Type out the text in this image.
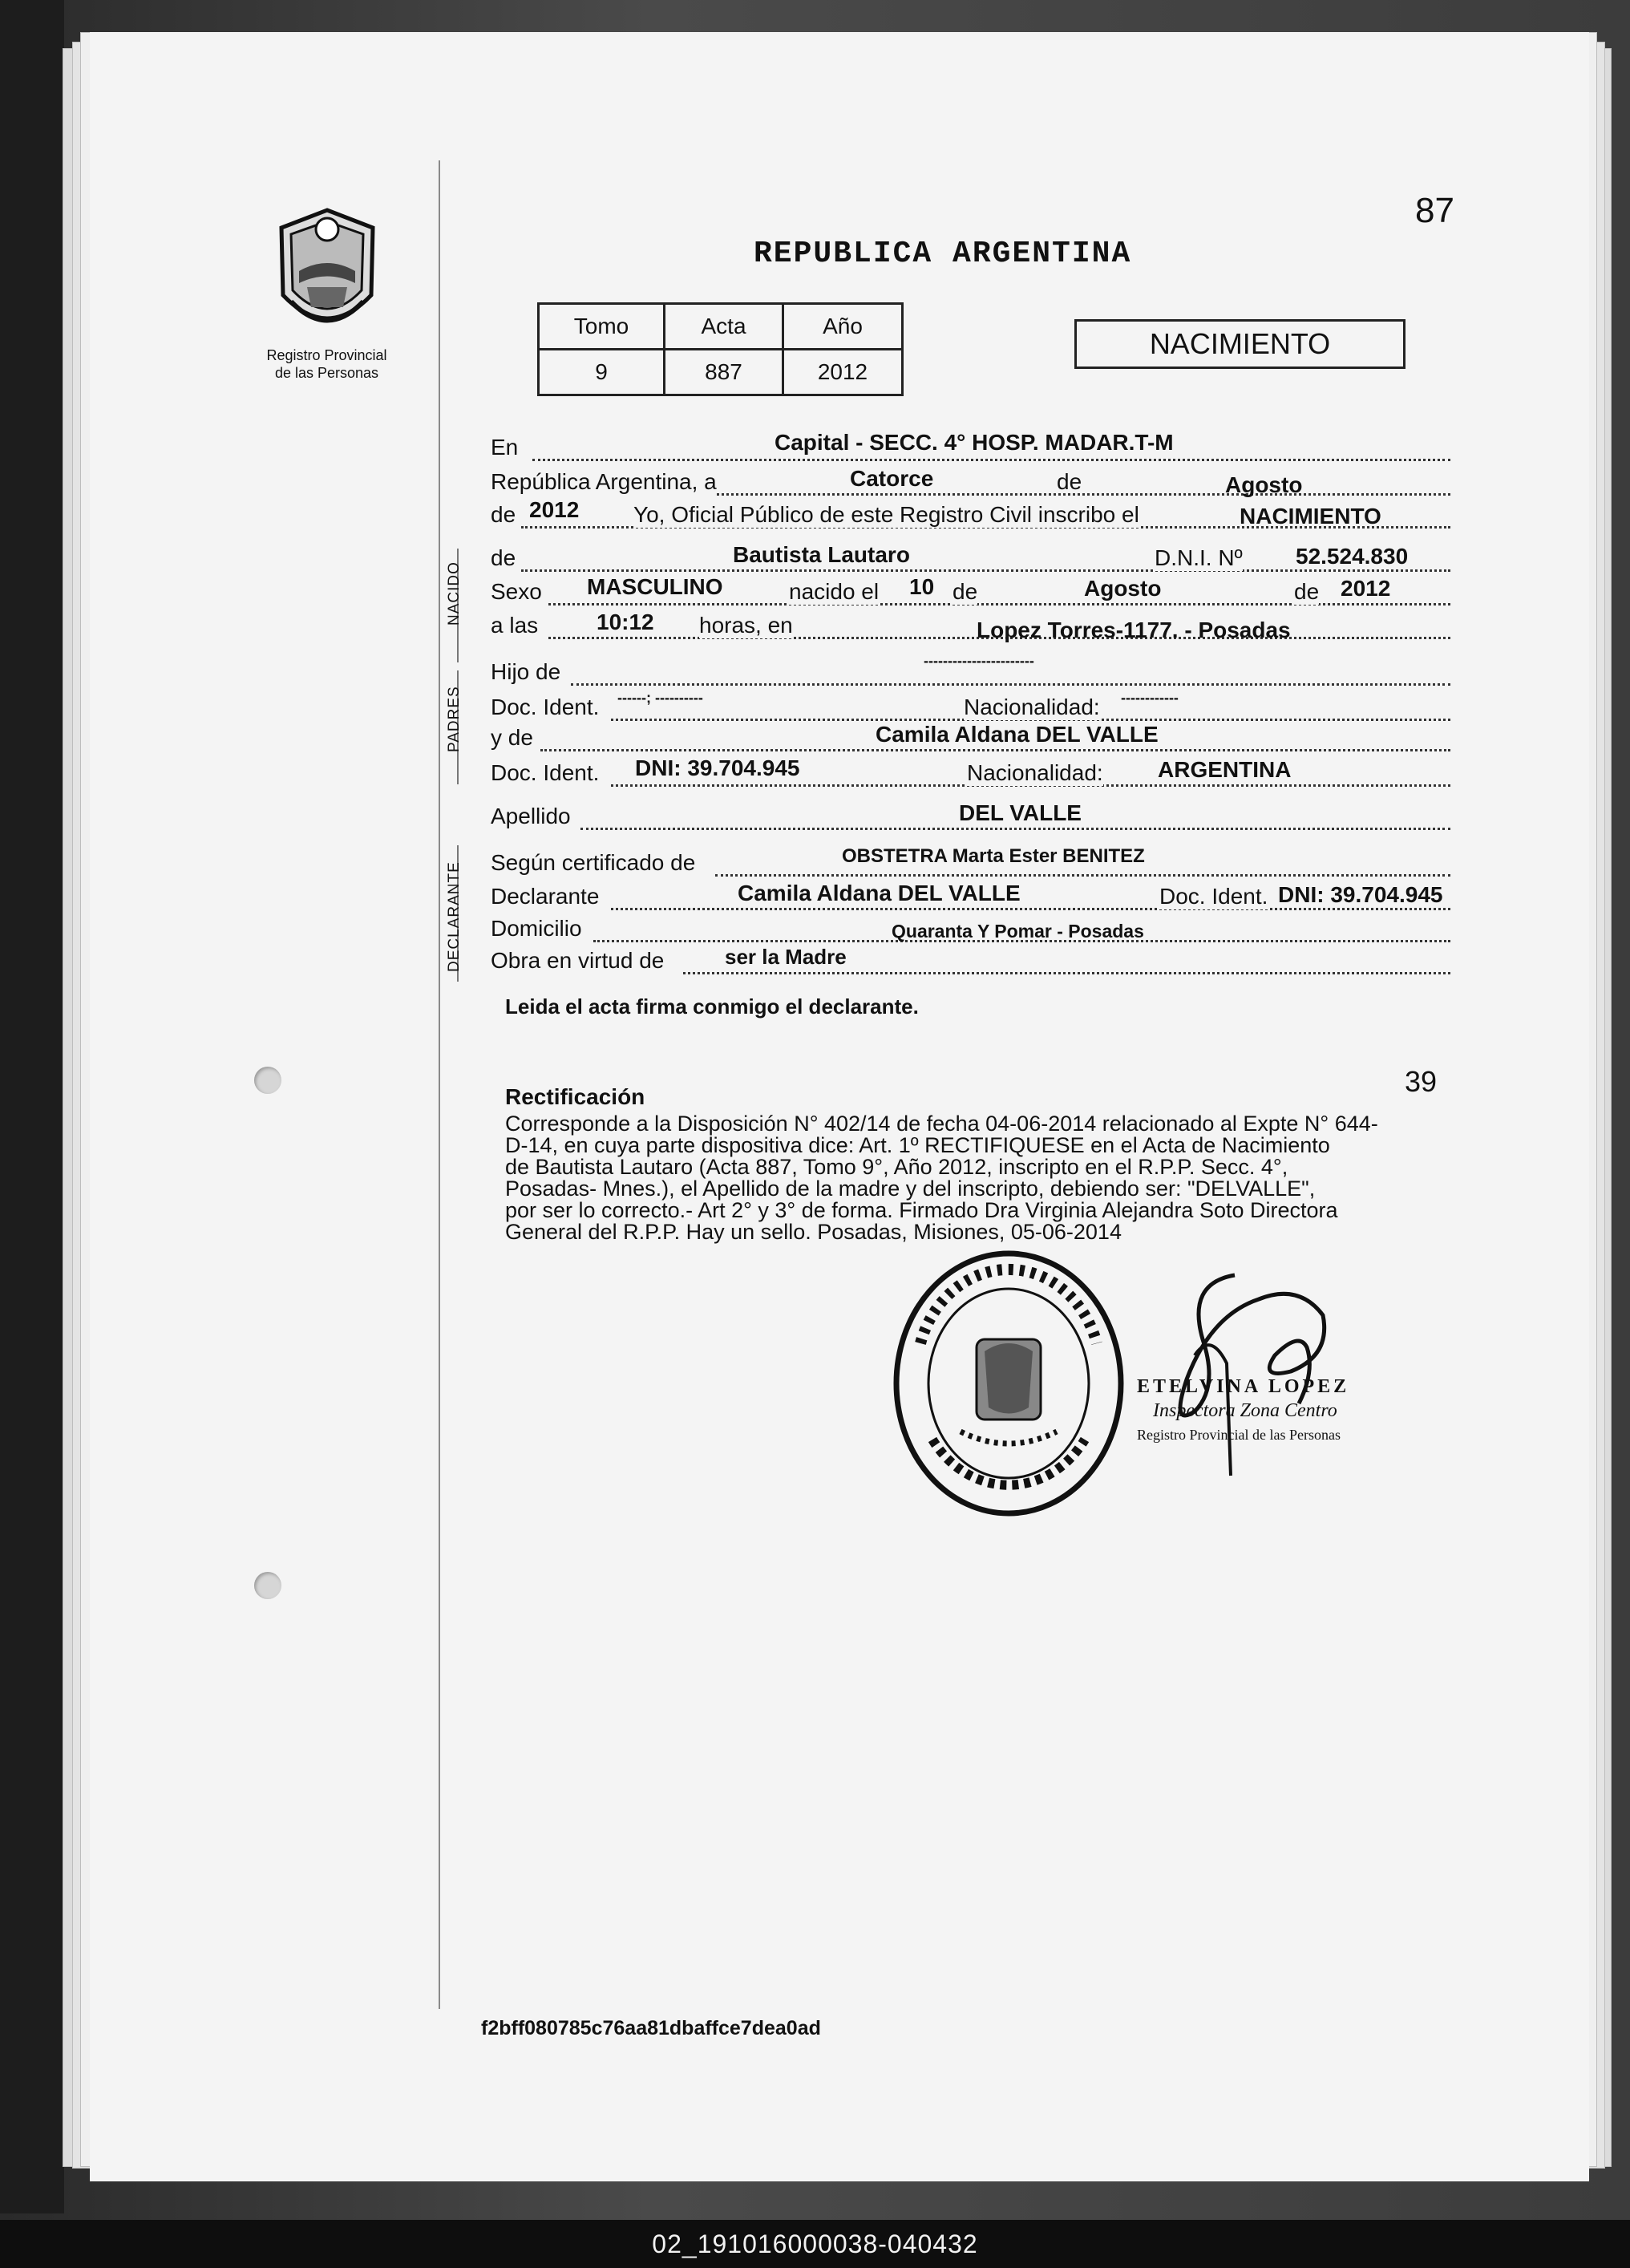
Registro Provincial
de las Personas
87
REPUBLICA ARGENTINA
Tomo	Acta	Año
9	887	2012
NACIMIENTO
NACIDO
PADRES
DECLARANTE
En	Capital - SECC. 4° HOSP. MADAR.T-M
República Argentina, a	Catorce	de	Agosto
de 2012 Yo, Oficial Público de este Registro Civil inscribo el	NACIMIENTO
de	Bautista Lautaro	D.N.I. Nº 52.524.830
Sexo MASCULINO	nacido el 10 de	Agosto	de 2012
a las	10:12 horas, en	Lopez Torres-1177. - Posadas
Hijo de	-----------------------
Doc. Ident. ------; ----------	Nacionalidad: ------------
y de	Camila Aldana DEL VALLE
Doc. Ident. DNI: 39.704.945	Nacionalidad: ARGENTINA
Apellido	DEL VALLE
Según certificado de	OBSTETRA Marta Ester BENITEZ
Declarante	Camila Aldana DEL VALLE	Doc. Ident. DNI: 39.704.945
Domicilio	Quaranta Y Pomar - Posadas
Obra en virtud de	ser la Madre
Leida el acta firma conmigo el declarante.
39
Rectificación
Corresponde a la Disposición N° 402/14 de fecha 04-06-2014 relacionado al Expte N° 644-
D-14, en cuya parte dispositiva dice: Art. 1º RECTIFIQUESE en el Acta de Nacimiento
de Bautista Lautaro (Acta 887, Tomo 9°, Año 2012, inscripto en el R.P.P. Secc. 4°,
Posadas- Mnes.), el Apellido de la madre y del inscripto, debiendo ser: "DELVALLE",
por ser lo correcto.- Art 2° y 3° de forma. Firmado Dra Virginia Alejandra Soto Directora
General del R.P.P. Hay un sello. Posadas, Misiones, 05-06-2014
ETELVINA LOPEZ
Inspectora Zona Centro
Registro Provincial de las Personas
f2bff080785c76aa81dbaffce7dea0ad
02_191016000038-040432
